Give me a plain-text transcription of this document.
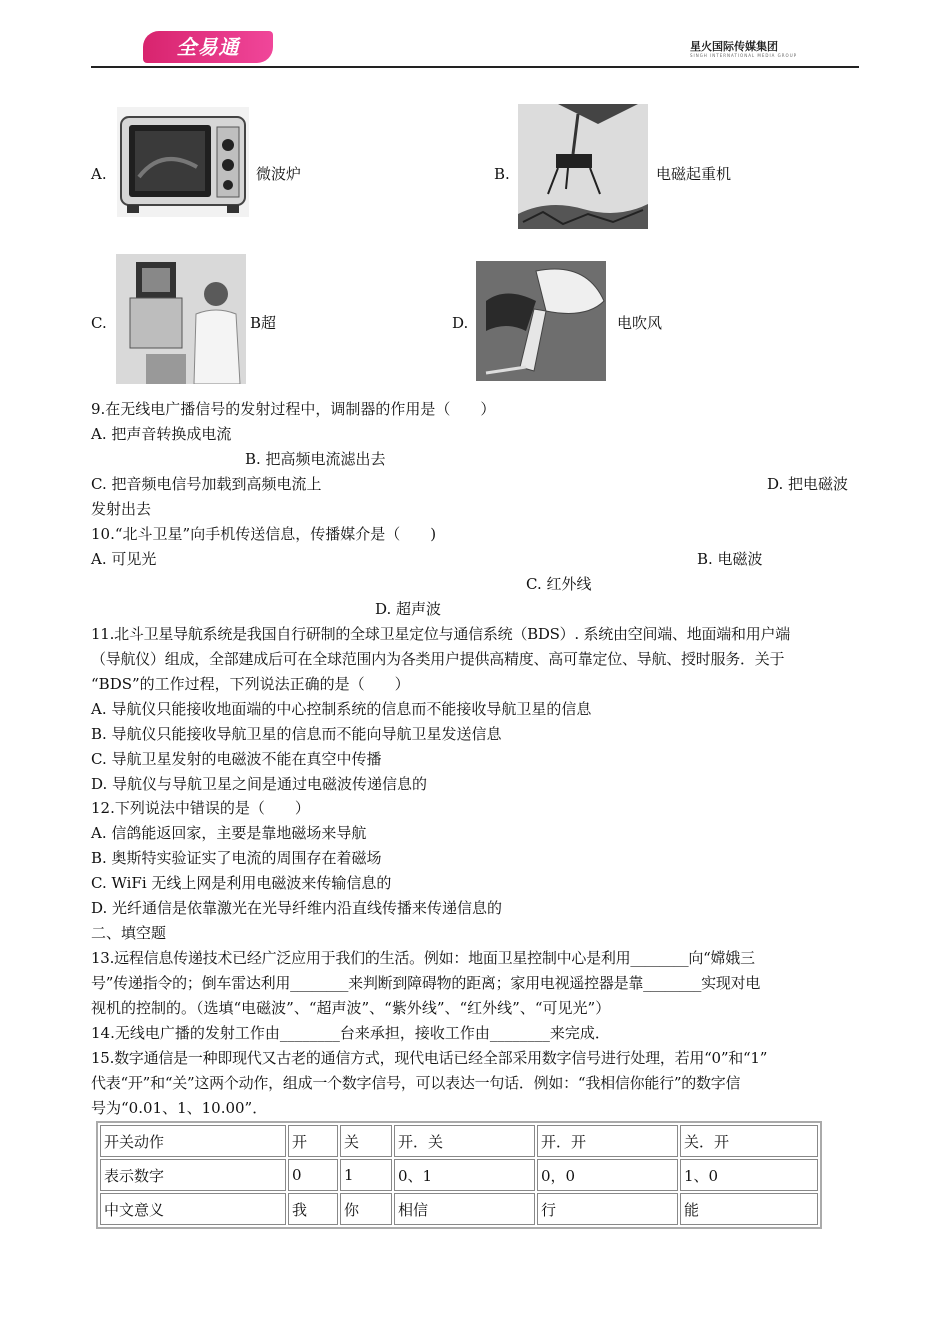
全易通	星火国际传媒集团
SINGH INTERNATIONAL MEDIA GROUP
A.	微波炉	B.	电磁起重机
C.	B超	D.	电吹风
9.在无线电广播信号的发射过程中，调制器的作用是（　　）
A. 把声音转换成电流
B. 把高频电流滤出去
C. 把音频电信号加载到高频电流上	D. 把电磁波
发射出去
10.“北斗卫星”向手机传送信息，传播媒介是（　　)
A. 可见光	B. 电磁波
C. 红外线
D. 超声波
11.北斗卫星导航系统是我国自行研制的全球卫星定位与通信系统（BDS）. 系统由空间端、地面端和用户端
（导航仪）组成，全部建成后可在全球范围内为各类用户提供高精度、高可靠定位、导航、授时服务．关于
“BDS”的工作过程，下列说法正确的是（　　）
A. 导航仪只能接收地面端的中心控制系统的信息而不能接收导航卫星的信息
B. 导航仪只能接收导航卫星的信息而不能向导航卫星发送信息
C. 导航卫星发射的电磁波不能在真空中传播
D. 导航仪与导航卫星之间是通过电磁波传递信息的
12.下列说法中错误的是（　　）
A. 信鸽能返回家，主要是靠地磁场来导航
B. 奥斯特实验证实了电流的周围存在着磁场
C. WiFi 无线上网是利用电磁波来传输信息的
D. 光纤通信是依靠激光在光导纤维内沿直线传播来传递信息的
二、填空题
13.远程信息传递技术已经广泛应用于我们的生活。例如：地面卫星控制中心是利用________向“嫦娥三
号”传递指令的；倒车雷达利用________来判断到障碍物的距离；家用电视遥控器是靠________实现对电
视机的控制的。（选填“电磁波”、“超声波”、“紫外线”、“红外线”、“可见光”）
14.无线电广播的发射工作由________台来承担，接收工作由________来完成．
15.数字通信是一种即现代又古老的通信方式，现代电话已经全部采用数字信号进行处理，若用“0”和“1”
代表“开”和“关”这两个动作，组成一个数字信号，可以表达一句话．例如：“我相信你能行”的数字信
号为“0.01、1、10.00”．
开关动作	开	关	开．关	开．开	关．开
表示数字	0	1	0、1	0，0	1、0
中文意义	我	你	相信	行	能
